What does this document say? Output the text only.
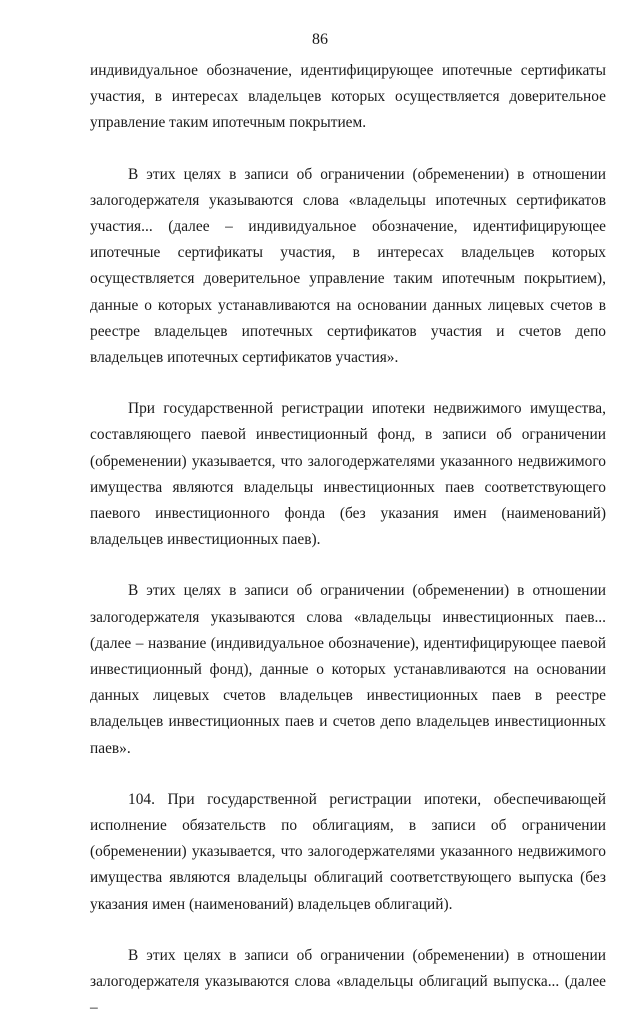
86

индивидуальное обозначение, идентифицирующее ипотечные сертификаты участия, в интересах владельцев которых осуществляется доверительное управление таким ипотечным покрытием.

В этих целях в записи об ограничении (обременении) в отношении залогодержателя указываются слова «владельцы ипотечных сертификатов участия... (далее – индивидуальное обозначение, идентифицирующее ипотечные сертификаты участия, в интересах владельцев которых осуществляется доверительное управление таким ипотечным покрытием), данные о которых устанавливаются на основании данных лицевых счетов в реестре владельцев ипотечных сертификатов участия и счетов депо владельцев ипотечных сертификатов участия».

При государственной регистрации ипотеки недвижимого имущества, составляющего паевой инвестиционный фонд, в записи об ограничении (обременении) указывается, что залогодержателями указанного недвижимого имущества являются владельцы инвестиционных паев соответствующего паевого инвестиционного фонда (без указания имен (наименований) владельцев инвестиционных паев).

В этих целях в записи об ограничении (обременении) в отношении залогодержателя указываются слова «владельцы инвестиционных паев... (далее – название (индивидуальное обозначение), идентифицирующее паевой инвестиционный фонд), данные о которых устанавливаются на основании данных лицевых счетов владельцев инвестиционных паев в реестре владельцев инвестиционных паев и счетов депо владельцев инвестиционных паев».

104. При государственной регистрации ипотеки, обеспечивающей исполнение обязательств по облигациям, в записи об ограничении (обременении) указывается, что залогодержателями указанного недвижимого имущества являются владельцы облигаций соответствующего выпуска (без указания имен (наименований) владельцев облигаций).

В этих целях в записи об ограничении (обременении) в отношении залогодержателя указываются слова «владельцы облигаций выпуска... (далее –
